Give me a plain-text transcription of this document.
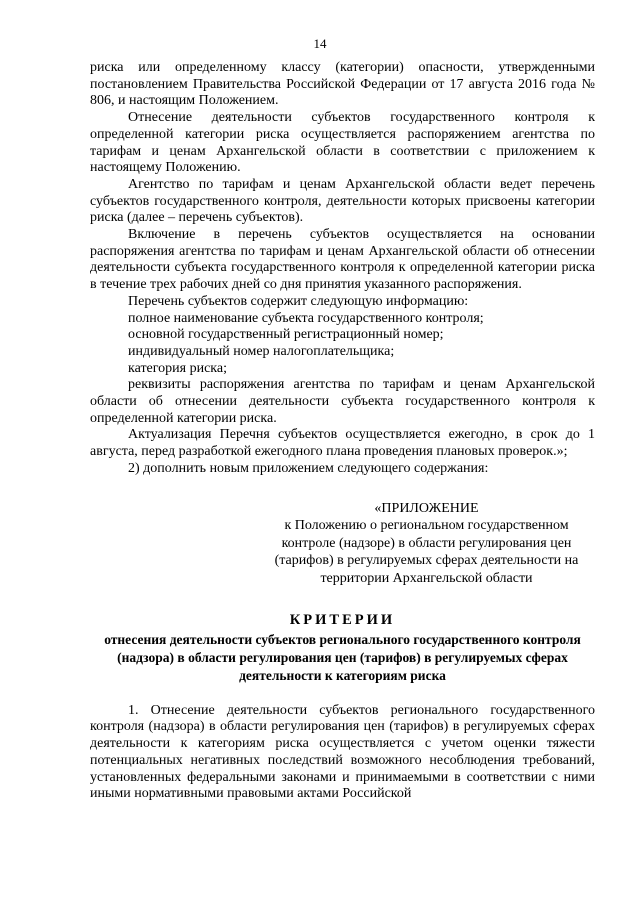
14

риска или определенному классу (категории) опасности, утвержденными постановлением Правительства Российской Федерации от 17 августа 2016 года № 806, и настоящим Положением.

Отнесение деятельности субъектов государственного контроля к определенной категории риска осуществляется распоряжением агентства по тарифам и ценам Архангельской области в соответствии с приложением к настоящему Положению.

Агентство по тарифам и ценам Архангельской области ведет перечень субъектов государственного контроля, деятельности которых присвоены категории риска (далее – перечень субъектов).

Включение в перечень субъектов осуществляется на основании распоряжения агентства по тарифам и ценам Архангельской области об отнесении деятельности субъекта государственного контроля к определенной категории риска в течение трех рабочих дней со дня принятия указанного распоряжения.

Перечень субъектов содержит следующую информацию:

полное наименование субъекта государственного контроля;

основной государственный регистрационный номер;

индивидуальный номер налогоплательщика;

категория риска;

реквизиты распоряжения агентства по тарифам и ценам Архангельской области об отнесении деятельности субъекта государственного контроля к определенной категории риска.

Актуализация Перечня субъектов осуществляется ежегодно, в срок до 1 августа, перед разработкой ежегодного плана проведения плановых проверок.»;

2) дополнить новым приложением следующего содержания:

«ПРИЛОЖЕНИЕ

к Положению о региональном государственном контроле (надзоре) в области регулирования цен (тарифов) в регулируемых сферах деятельности на территории Архангельской области

КРИТЕРИИ

отнесения деятельности субъектов регионального государственного контроля (надзора) в области регулирования цен (тарифов) в регулируемых сферах деятельности к категориям риска

1. Отнесение деятельности субъектов регионального государственного контроля (надзора) в области регулирования цен (тарифов) в регулируемых сферах деятельности к категориям риска осуществляется с учетом оценки тяжести потенциальных негативных последствий возможного несоблюдения требований, установленных федеральными законами и принимаемыми в соответствии с ними иными нормативными правовыми актами Российской
